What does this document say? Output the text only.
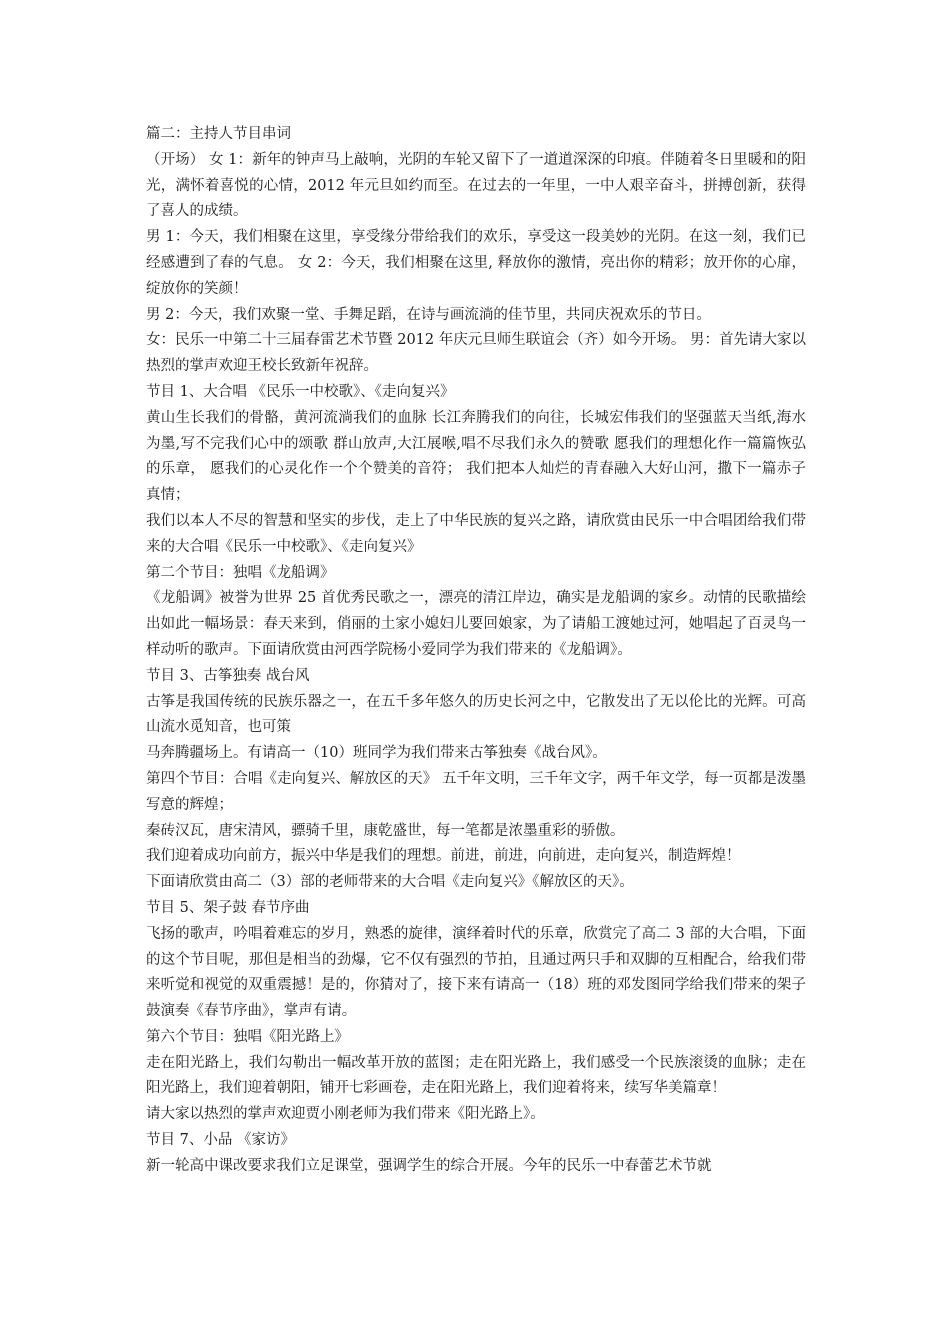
篇二：主持人节目串词

（开场） 女 1：新年的钟声马上敲响，光阴的车轮又留下了一道道深深的印痕。伴随着冬日里暖和的阳光，满怀着喜悦的心情，2012 年元旦如约而至。在过去的一年里，一中人艰辛奋斗，拼搏创新，获得了喜人的成绩。

男 1：今天，我们相聚在这里，享受缘分带给我们的欢乐，享受这一段美妙的光阴。在这一刻，我们已经感遭到了春的气息。 女 2：今天，我们相聚在这里, 释放你的激情，亮出你的精彩；放开你的心扉，绽放你的笑颜！

男 2：今天，我们欢聚一堂、手舞足蹈，在诗与画流淌的佳节里，共同庆祝欢乐的节日。

女：民乐一中第二十三届春雷艺术节暨 2012 年庆元旦师生联谊会（齐）如今开场。 男：首先请大家以热烈的掌声欢迎王校长致新年祝辞。

节目 1、大合唱 《民乐一中校歌》、《走向复兴》

黄山生长我们的骨骼，黄河流淌我们的血脉 长江奔腾我们的向往，长城宏伟我们的坚强蓝天当纸,海水为墨,写不完我们心中的颂歌 群山放声,大江展喉,唱不尽我们永久的赞歌 愿我们的理想化作一篇篇恢弘的乐章， 愿我们的心灵化作一个个赞美的音符； 我们把本人灿烂的青春融入大好山河，撒下一篇赤子真情；

我们以本人不尽的智慧和坚实的步伐，走上了中华民族的复兴之路，请欣赏由民乐一中合唱团给我们带来的大合唱《民乐一中校歌》、《走向复兴》

第二个节目：独唱《龙船调》

《龙船调》被誉为世界 25 首优秀民歌之一，漂亮的清江岸边，确实是龙船调的家乡。动情的民歌描绘出如此一幅场景：春天来到，俏丽的土家小媳妇儿要回娘家，为了请船工渡她过河，她唱起了百灵鸟一样动听的歌声。下面请欣赏由河西学院杨小爱同学为我们带来的《龙船调》。

节目 3、古筝独奏 战台风

古筝是我国传统的民族乐器之一，在五千多年悠久的历史长河之中，它散发出了无以伦比的光辉。可高山流水觅知音，也可策

马奔腾疆场上。有请高一（10）班同学为我们带来古筝独奏《战台风》。

第四个节目：合唱《走向复兴、解放区的天》 五千年文明，三千年文字，两千年文学，每一页都是泼墨写意的辉煌；

秦砖汉瓦，唐宋清风，骠骑千里，康乾盛世，每一笔都是浓墨重彩的骄傲。

我们迎着成功向前方，振兴中华是我们的理想。前进，前进，向前进，走向复兴，制造辉煌！

下面请欣赏由高二（3）部的老师带来的大合唱《走向复兴》《解放区的天》。

节目 5、架子鼓 春节序曲

飞扬的歌声，吟唱着难忘的岁月，熟悉的旋律，演绎着时代的乐章，欣赏完了高二 3 部的大合唱，下面的这个节目呢，那但是相当的劲爆，它不仅有强烈的节拍，且通过两只手和双脚的互相配合，给我们带来听觉和视觉的双重震撼！是的，你猜对了，接下来有请高一（18）班的邓发图同学给我们带来的架子鼓演奏《春节序曲》，掌声有请。

第六个节目：独唱《阳光路上》

走在阳光路上，我们勾勒出一幅改革开放的蓝图；走在阳光路上，我们感受一个民族滚烫的血脉；走在阳光路上，我们迎着朝阳，铺开七彩画卷，走在阳光路上，我们迎着将来，续写华美篇章！

请大家以热烈的掌声欢迎贾小刚老师为我们带来《阳光路上》。

节目 7、小品 《家访》

新一轮高中课改要求我们立足课堂，强调学生的综合开展。今年的民乐一中春蕾艺术节就
